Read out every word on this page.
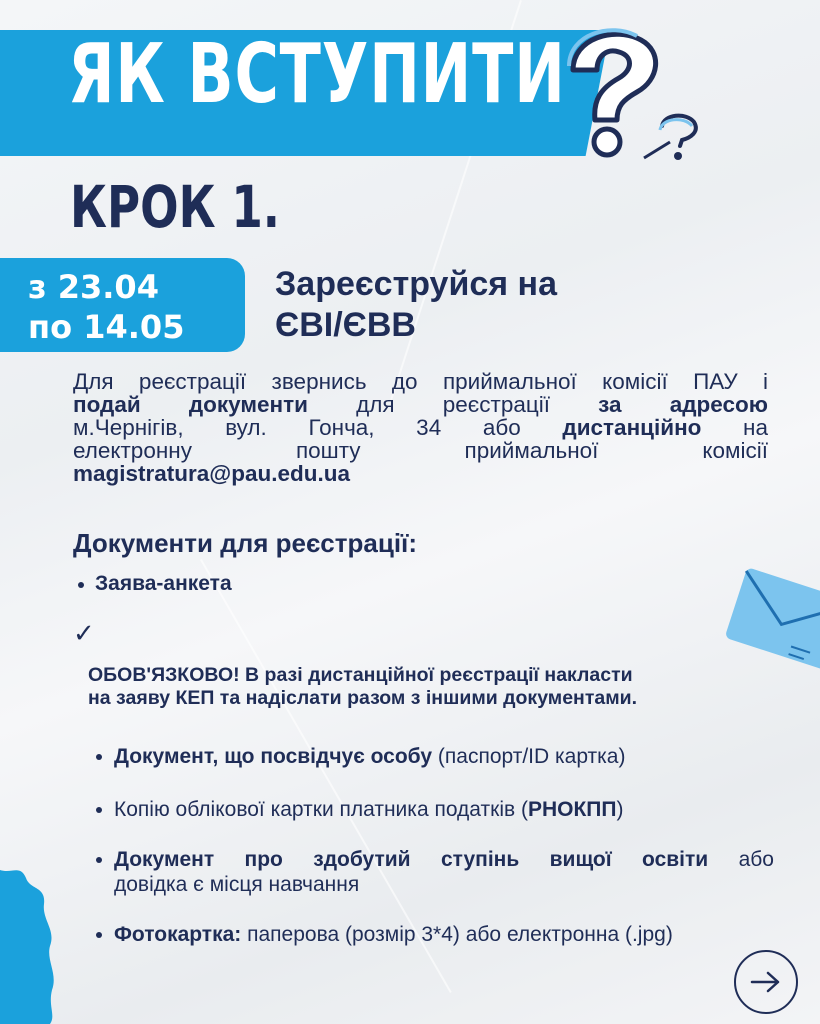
ЯК ВСТУПИТИ
КРОК 1.
з 23.04
по 14.05
Зареєструйся на
ЄВІ/ЄВВ
Для реєстрації звернись до приймальної комісії ПАУ і
подай документи для реєстрації за адресою
м.Чернігів, вул. Гонча, 34 або дистанційно на
електронну пошту приймальної комісії
magistratura@pau.edu.ua
Документи для реєстрації:
Заява-анкета
✓
ОБОВ'ЯЗКОВО! В разі дистанційної реєстрації накласти
на заяву КЕП та надіслати разом з іншими документами.
Документ, що посвідчує особу (паспорт/ID картка)
Копію облікової картки платника податків (РНОКПП)
Документ про здобутий ступінь вищої освіти або
довідка є місця навчання
Фотокартка: паперова (розмір 3*4) або електронна (.jpg)
